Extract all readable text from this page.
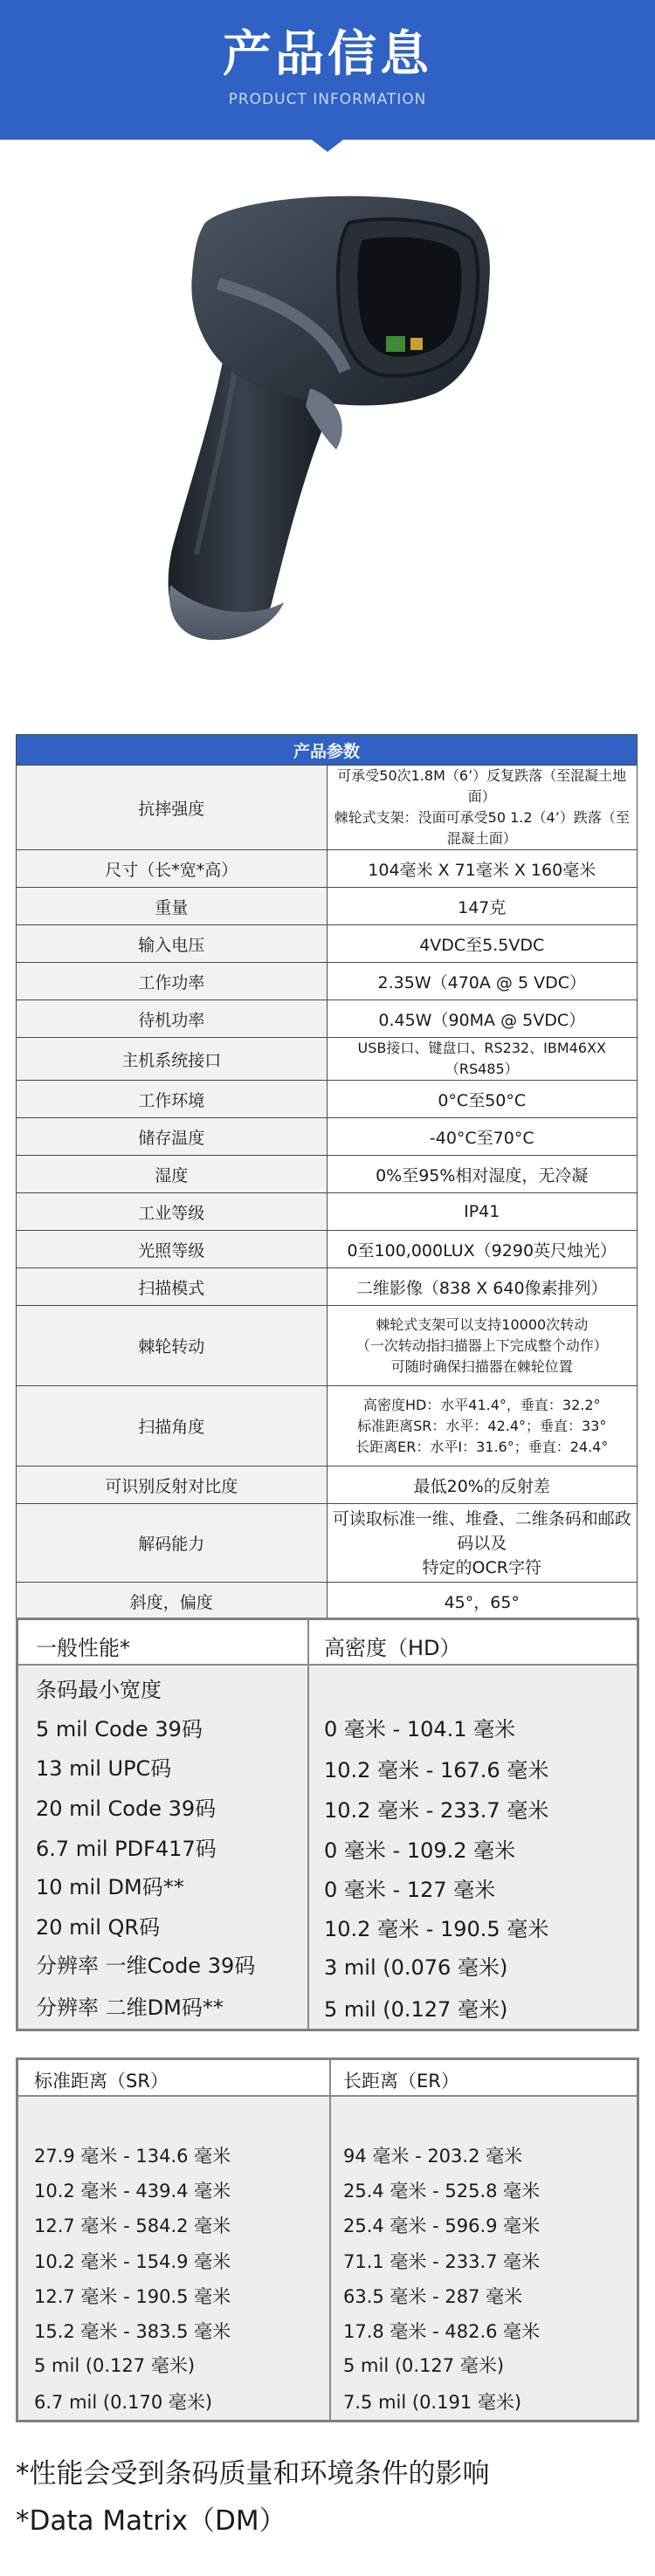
产品信息
PRODUCT INFORMATION
产品参数	
抗摔强度	可承受50次1.8M（6’）反复跌落（至混凝土地面）
棘轮式支架：没面可承受50 1.2（4’）跌落（至混凝土面）

尺寸（长*宽*高）	104毫米 X 71毫米 X 160毫米
重量	147克
输入电压	4VDC至5.5VDC
工作功率	2.35W（470A @ 5 VDC）
待机功率	0.45W（90MA @ 5VDC）
主机系统接口	USB接口、键盘口、RS232、IBM46XX（RS485）
工作环境	0°C至50°C
储存温度	-40°C至70°C
湿度	0%至95%相对湿度，无冷凝
工业等级	IP41
光照等级	0至100,000LUX（9290英尺烛光）
扫描模式	二维影像（838 X 640像素排列）
棘轮转动	棘轮式支架可以支持10000次转动
（一次转动指扫描器上下完成整个动作）
可随时确保扫描器在棘轮位置

扫描角度	高密度HD：水平41.4°，垂直：32.2°
标准距离SR：水平：42.4°；垂直：33°
长距离ER：水平I：31.6°；垂直：24.4°

可识别反射对比度	最低20%的反射差
解码能力	可读取标准一维、堆叠、二维条码和邮政码以及
特定的OCR字符

斜度，偏度	45°，65°
一般性能*	高密度（HD）
条码最小宽度
5 mil Code 39码	0 毫米 - 104.1 毫米
13 mil UPC码	10.2 毫米 - 167.6 毫米
20 mil Code 39码	10.2 毫米 - 233.7 毫米
6.7 mil PDF417码	0 毫米 - 109.2 毫米
10 mil DM码**	0 毫米 - 127 毫米
20 mil QR码	10.2 毫米 - 190.5 毫米
分辨率 一维Code 39码	3 mil (0.076 毫米)
分辨率 二维DM码**	5 mil (0.127 毫米)
标准距离（SR）	长距离（ER）
27.9 毫米 - 134.6 毫米	94 毫米 - 203.2 毫米
10.2 毫米 - 439.4 毫米	25.4 毫米 - 525.8 毫米
12.7 毫米 - 584.2 毫米	25.4 毫米 - 596.9 毫米
10.2 毫米 - 154.9 毫米	71.1 毫米 - 233.7 毫米
12.7 毫米 - 190.5 毫米	63.5 毫米 - 287 毫米
15.2 毫米 - 383.5 毫米	17.8 毫米 - 482.6 毫米
5 mil (0.127 毫米)	5 mil (0.127 毫米)
6.7 mil (0.170 毫米)	7.5 mil (0.191 毫米)
*性能会受到条码质量和环境条件的影响
*Data Matrix（DM）
